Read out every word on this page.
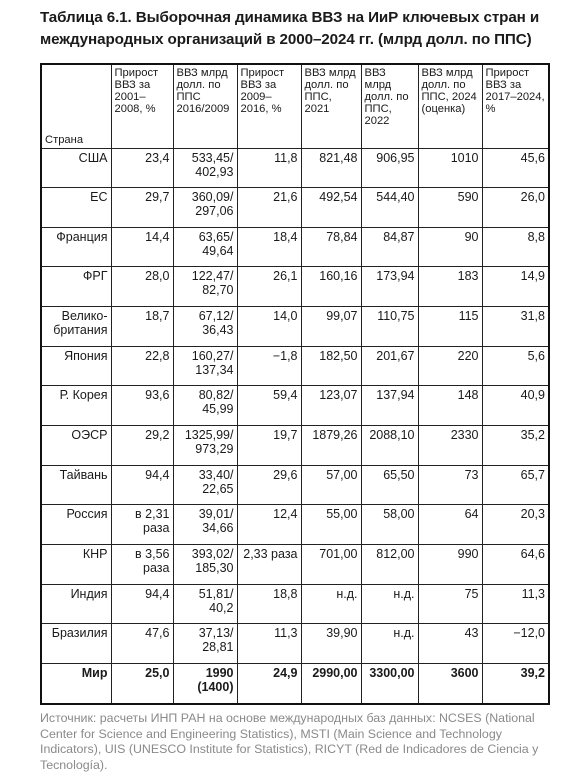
Таблица 6.1. Выборочная динамика ВВЗ на ИиР ключевых стран и международных организаций в 2000–2024 гг. (млрд долл. по ППС)
Страна	Прирост ВВЗ за 2001–2008, %	ВВЗ млрд долл. по ППС 2016/2009	Прирост ВВЗ за 2009–2016, %	ВВЗ млрд долл. по ППС, 2021	ВВЗ млрд долл. по ППС, 2022	ВВЗ млрд долл. по ППС, 2024 (оценка)	Прирост ВВЗ за 2017–2024, %
США	23,4	533,45/ 402,93	11,8	821,48	906,95	1010	45,6
ЕС	29,7	360,09/ 297,06	21,6	492,54	544,40	590	26,0
Франция	14,4	63,65/ 49,64	18,4	78,84	84,87	90	8,8
ФРГ	28,0	122,47/ 82,70	26,1	160,16	173,94	183	14,9
Велико- британия	18,7	67,12/ 36,43	14,0	99,07	110,75	115	31,8
Япония	22,8	160,27/ 137,34	−1,8	182,50	201,67	220	5,6
Р. Корея	93,6	80,82/ 45,99	59,4	123,07	137,94	148	40,9
ОЭСР	29,2	1325,99/ 973,29	19,7	1879,26	2088,10	2330	35,2
Тайвань	94,4	33,40/ 22,65	29,6	57,00	65,50	73	65,7
Россия	в 2,31 раза	39,01/ 34,66	12,4	55,00	58,00	64	20,3
КНР	в 3,56 раза	393,02/ 185,30	2,33 раза	701,00	812,00	990	64,6
Индия	94,4	51,81/ 40,2	18,8	н.д.	н.д.	75	11,3
Бразилия	47,6	37,13/ 28,81	11,3	39,90	н.д.	43	−12,0
Мир	25,0	1990 (1400)	24,9	2990,00	3300,00	3600	39,2
Источник: расчеты ИНП РАН на основе международных баз данных: NCSES (National Center for Science and Engineering Statistics), MSTI (Main Science and Technology Indicators), UIS (UNESCO Institute for Statistics), RICYT (Red de Indicadores de Ciencia y Tecnología).
